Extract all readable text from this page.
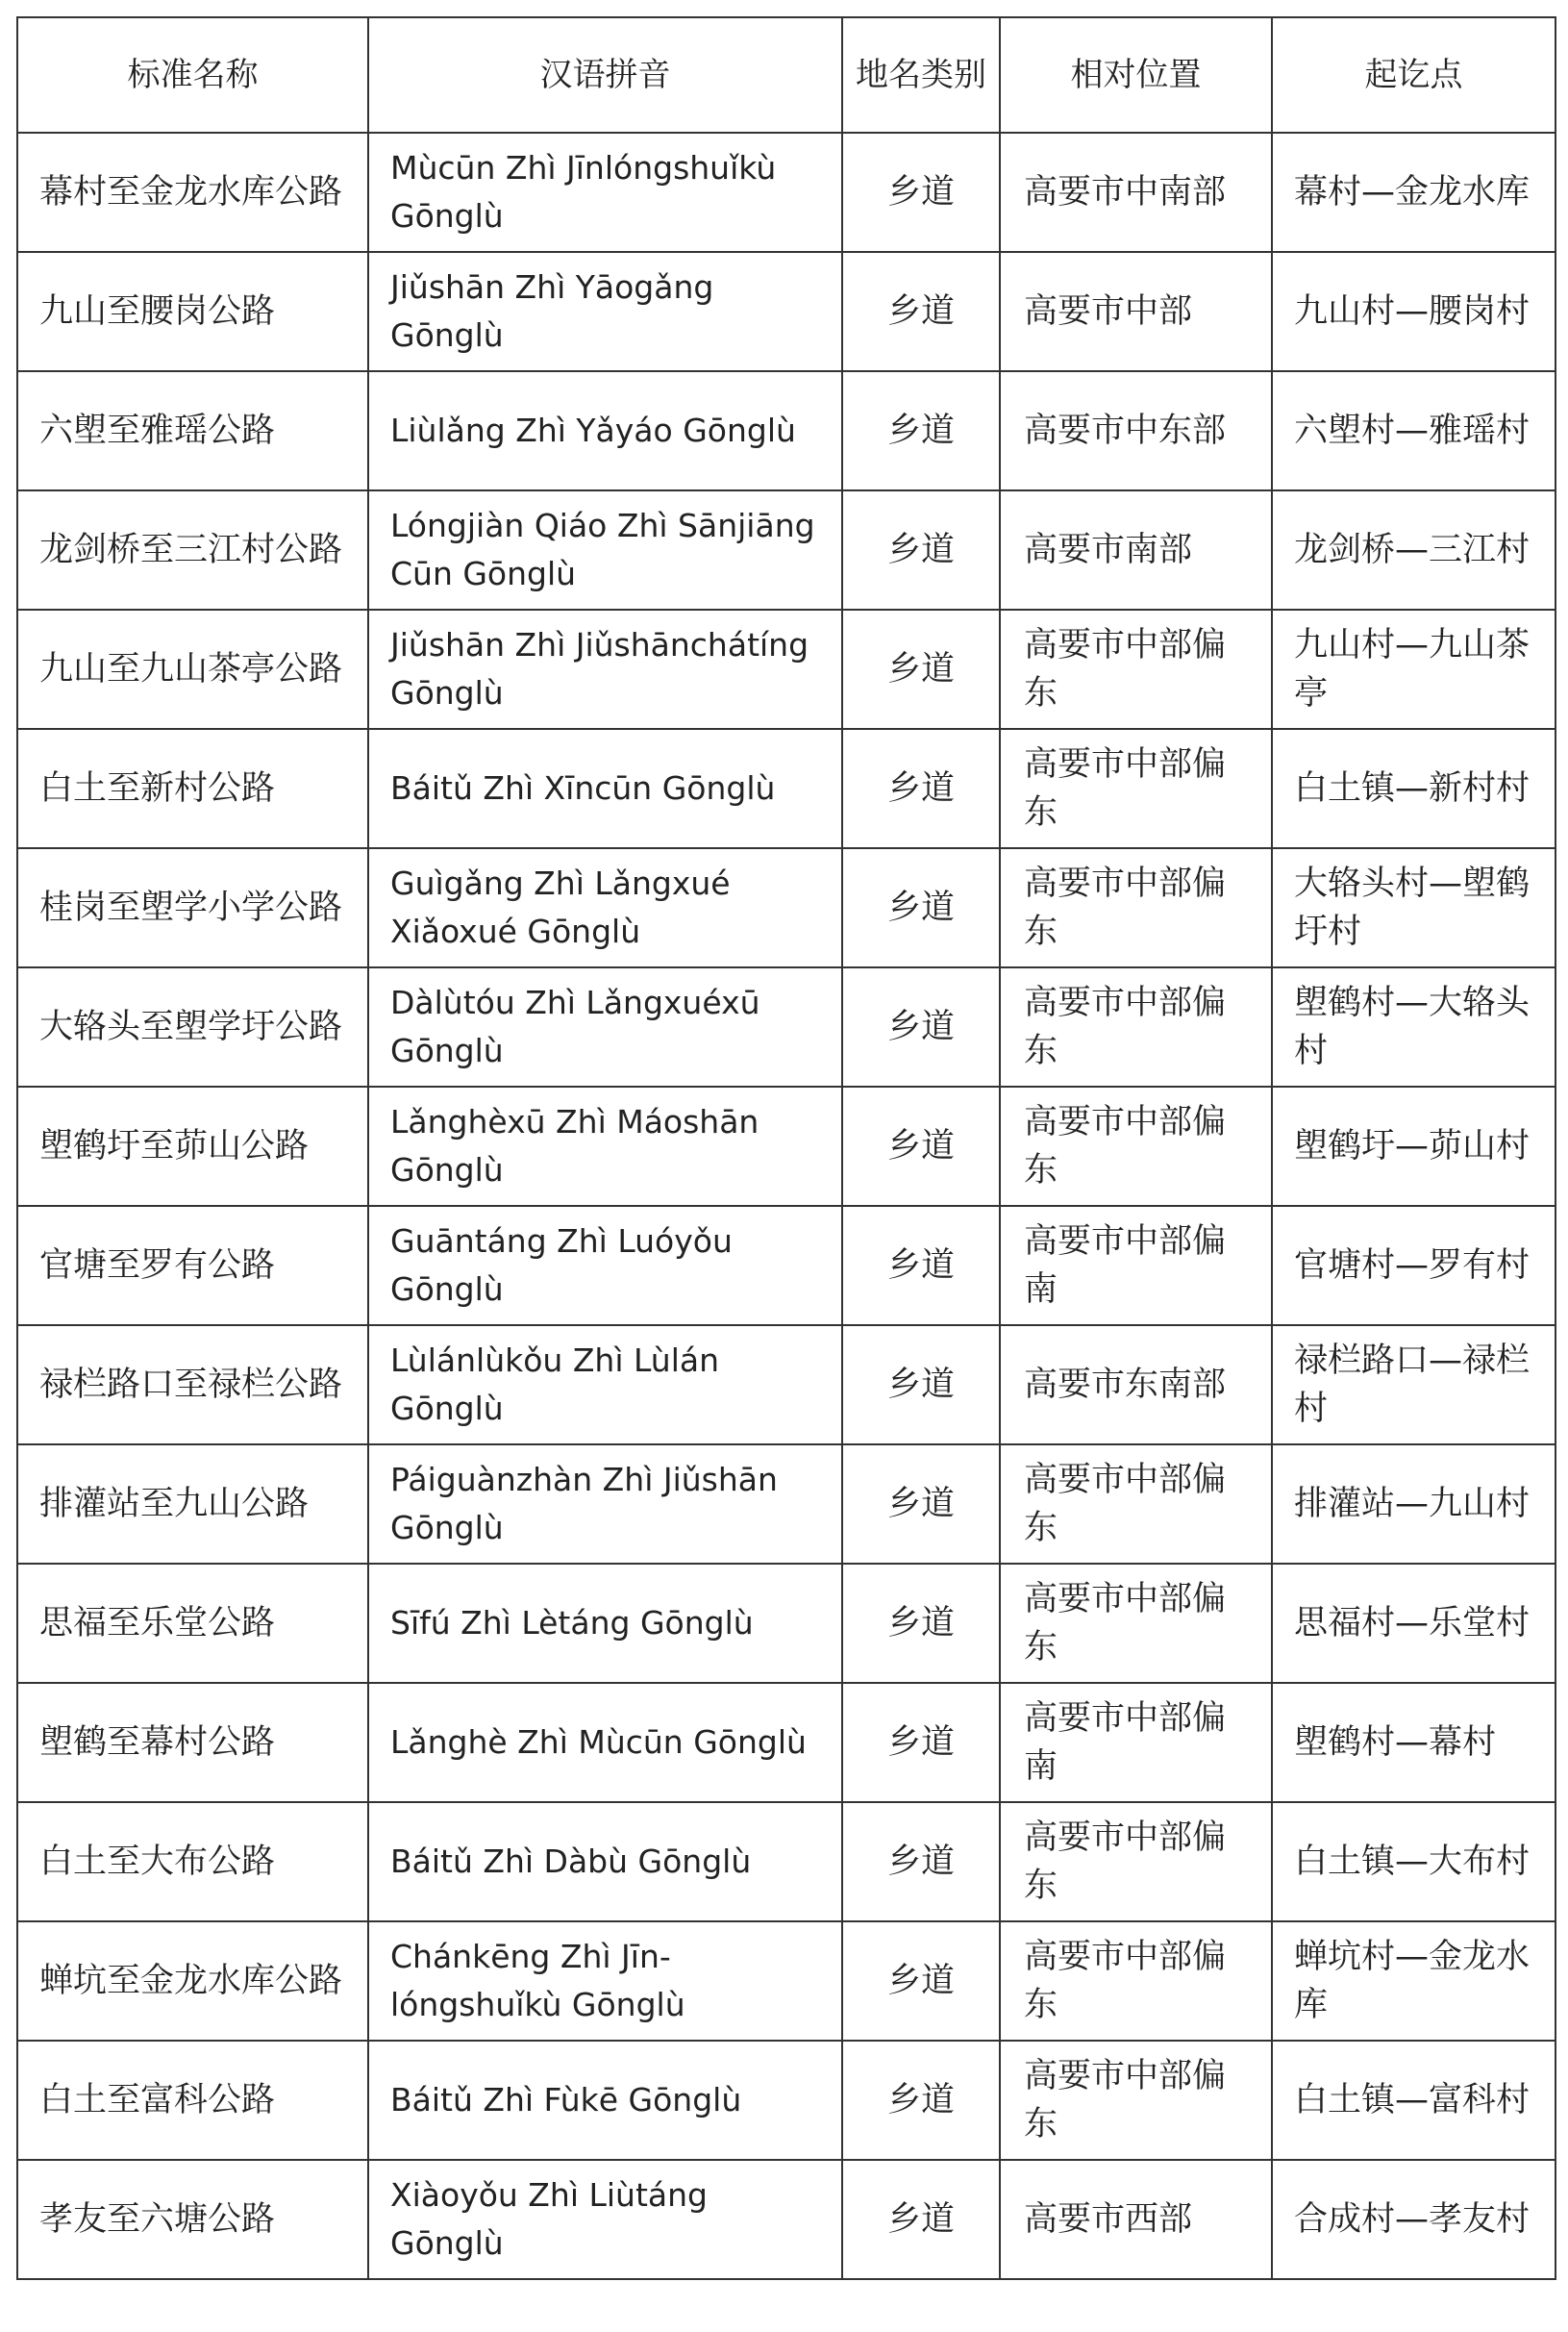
标准名称	汉语拼音	地名类别	相对位置	起讫点
幕村至金龙水库公路	Mùcūn Zhì Jīnlóngshuǐkù Gōnglù	乡道	高要市中南部	幕村—金龙水库
九山至腰岗公路	Jiǔshān Zhì Yāogǎng Gōnglù	乡道	高要市中部	九山村—腰岗村
六塱至雅瑶公路	Liùlǎng Zhì Yǎyáo Gōnglù	乡道	高要市中东部	六塱村—雅瑶村
龙剑桥至三江村公路	Lóngjiàn Qiáo Zhì Sānjiāng Cūn Gōnglù	乡道	高要市南部	龙剑桥—三江村
九山至九山茶亭公路	Jiǔshān Zhì Jiǔshānchátíng Gōnglù	乡道	高要市中部偏东	九山村—九山茶亭
白土至新村公路	Báitǔ Zhì Xīncūn Gōnglù	乡道	高要市中部偏东	白土镇—新村村
桂岗至塱学小学公路	Guìgǎng Zhì Lǎngxué Xiǎoxué Gōnglù	乡道	高要市中部偏东	大辂头村—塱鹤圩村
大辂头至塱学圩公路	Dàlùtóu Zhì Lǎngxuéxū Gōnglù	乡道	高要市中部偏东	塱鹤村—大辂头村
塱鹤圩至茆山公路	Lǎnghèxū Zhì Máoshān Gōnglù	乡道	高要市中部偏东	塱鹤圩—茆山村
官塘至罗有公路	Guāntáng Zhì Luóyǒu Gōnglù	乡道	高要市中部偏南	官塘村—罗有村
禄栏路口至禄栏公路	Lùlánlùkǒu Zhì Lùlán Gōnglù	乡道	高要市东南部	禄栏路口—禄栏村
排灌站至九山公路	Páiguànzhàn Zhì Jiǔshān Gōnglù	乡道	高要市中部偏东	排灌站—九山村
思福至乐堂公路	Sīfú Zhì Lètáng Gōnglù	乡道	高要市中部偏东	思福村—乐堂村
塱鹤至幕村公路	Lǎnghè Zhì Mùcūn Gōnglù	乡道	高要市中部偏南	塱鹤村—幕村
白土至大布公路	Báitǔ Zhì Dàbù Gōnglù	乡道	高要市中部偏东	白土镇—大布村
蝉坑至金龙水库公路	Chánkēng Zhì Jīnlóngshuǐkù Gōnglù	乡道	高要市中部偏东	蝉坑村—金龙水库
白土至富科公路	Báitǔ Zhì Fùkē Gōnglù	乡道	高要市中部偏东	白土镇—富科村
孝友至六塘公路	Xiàoyǒu Zhì Liùtáng Gōnglù	乡道	高要市西部	合成村—孝友村
